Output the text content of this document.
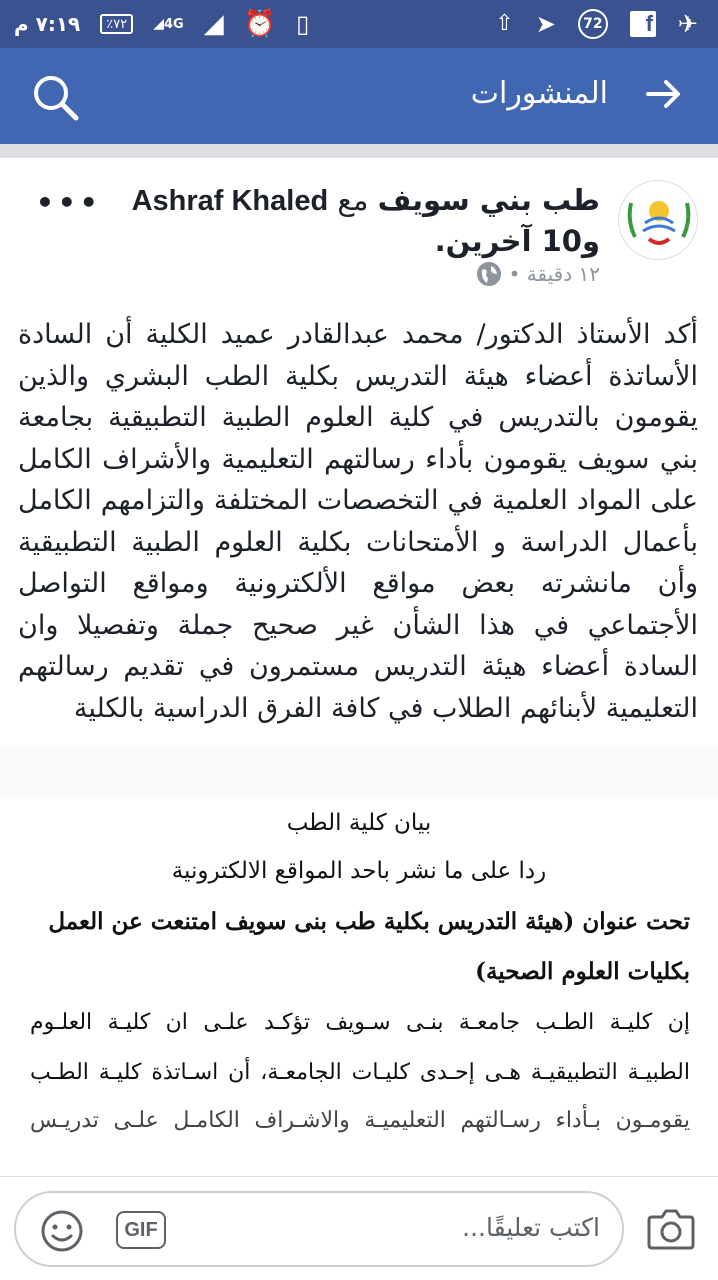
٧:١٩ م	٪٧٢	◢4G ◢ ⏰ ▯	⇧ ➤	72	f ✈
المنشورات
طب بني سويف مع Ashraf Khaled و10 آخرين.
١٢ دقيقة •
•••
أكد الأستاذ الدكتور/ محمد عبدالقادر عميد الكلية أن السادة الأساتذة أعضاء هيئة التدريس بكلية الطب البشري والذين يقومون بالتدريس في كلية العلوم الطبية التطبيقية بجامعة بني سويف يقومون بأداء رسالتهم التعليمية والأشراف الكامل على المواد العلمية في التخصصات المختلفة والتزامهم الكامل بأعمال الدراسة و الأمتحانات بكلية العلوم الطبية التطبيقية وأن مانشرته بعض مواقع الألكترونية ومواقع التواصل الأجتماعي في هذا الشأن غير صحيح جملة وتفصيلا وان السادة أعضاء هيئة التدريس مستمرون في تقديم رسالتهم التعليمية لأبنائهم الطلاب في كافة الفرق الدراسية بالكلية
بيان كلية الطب
ردا على ما نشر باحد المواقع الالكترونية
تحت عنوان (هيئة التدريس بكلية طب بنى سويف امتنعت عن العمل
بكليات العلوم الصحية)
إن كليـة الطـب جامعـة بنـى سـويف تؤكـد علـى ان كليـة العلـوم
الطبيـة التطبيقيـة هـى إحـدى كليـات الجامعـة، أن اسـاتذة كليـة الطـب
يقومـون بـأداء رسـالتهم التعليميـة والاشـراف الكامـل علـى تدريـس
GIF	اكتب تعليقًا...
